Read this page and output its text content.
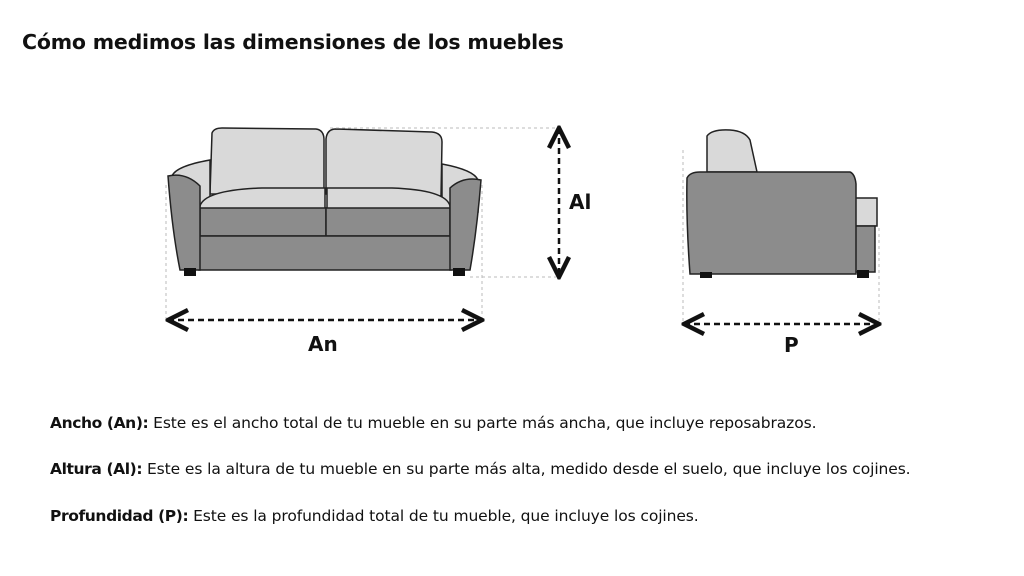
Cómo medimos las dimensiones de los muebles
An
Al
P
Ancho (An): Este es el ancho total de tu mueble en su parte más ancha, que incluye reposabrazos.
Altura (Al): Este es la altura de tu mueble en su parte más alta, medido desde el suelo, que incluye los cojines.
Profundidad (P): Este es la profundidad total de tu mueble, que incluye los cojines.
